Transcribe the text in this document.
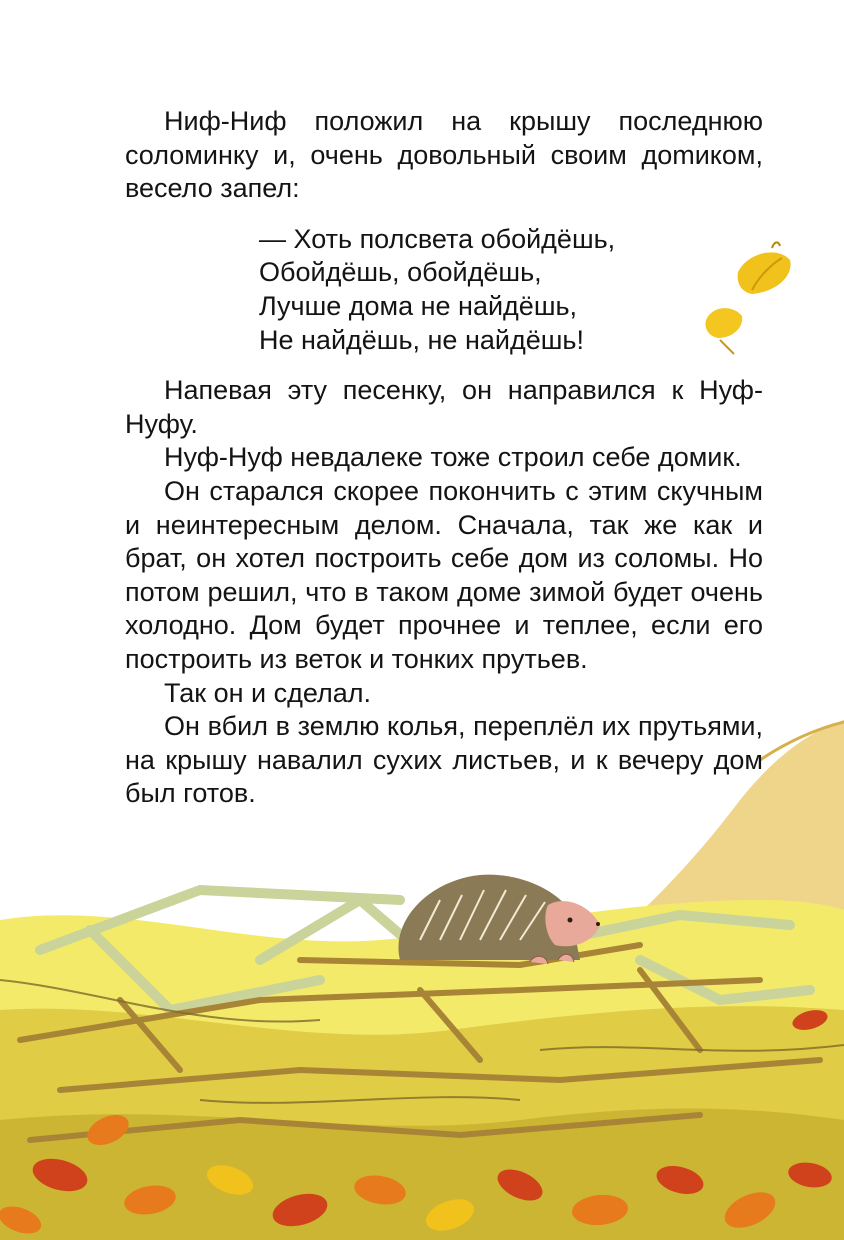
Ниф-Ниф положил на крышу последнюю соломинку и, очень довольный своим доmиком, весело запел:

— Хоть полсвета обойдёшь,
Обойдёшь, обойдёшь,
Лучше дома не найдёшь,
Не найдёшь, не найдёшь!

Напевая эту песенку, он направился к Нуф-Нуфу.

Нуф-Нуф невдалеке тоже строил себе домик.

Он старался скорее покончить с этим скучным и неинтересным делом. Сначала, так же как и брат, он хотел построить себе дом из соломы. Но потом решил, что в таком доме зимой будет очень холодно. Дом будет прочнее и теплее, если его построить из веток и тонких прутьев.

Так он и сделал.

Он вбил в землю колья, переплёл их прутьями, на крышу навалил сухих листьев, и к вечеру дом был готов.
